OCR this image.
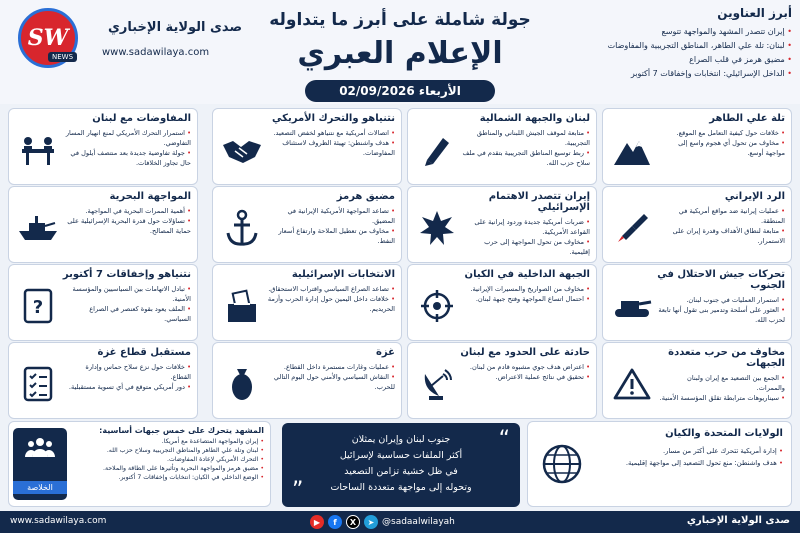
SW
NEWS
صدى الولاية الإخباري
www.sadawilaya.com
جولة شاملة على أبرز ما يتداوله
الإعلام العبري
الأربعاء 02/09/2026
أبرز العناوين
• إيران تتصدر المشهد والمواجهة تتوسع
• لبنان: تلة علي الطاهر، المناطق التجريبية والمفاوضات
• مضيق هرمز في قلب الصراع
• الداخل الإسرائيلي: انتخابات وإخفاقات 7 أكتوبر
تلة علي الطاهر
• خلافات حول كيفية التعامل مع الموقع.
• مخاوف من تحول أي هجوم واسع إلى مواجهة أوسع.
لبنان والجبهة الشمالية
• متابعة لموقف الجيش اللبناني والمناطق التجريبية.
• ربط توسيع المناطق التجريبية بتقدم في ملف سلاح حزب الله.
نتنياهو والتحرك الأمريكي
• اتصالات أمريكية مع نتنياهو لخفض التصعيد.
• هدف واشنطن: تهيئة الظروف لاستئناف المفاوضات.
المفاوضات مع لبنان
• استمرار التحرك الأمريكي لمنع انهيار المسار التفاوضي.
• جولة تفاوضية جديدة بعد منتصف أيلول في حال تجاوز الخلافات.
الرد الإيراني
• عمليات إيرانية ضد مواقع أمريكية في المنطقة.
• متابعة لنطاق الأهداف وقدرة إيران على الاستمرار.
إيران تتصدر الاهتمام الإسرائيلي
• ضربات أمريكية جديدة وردود إيرانية على القواعد الأمريكية.
• مخاوف من تحول المواجهة إلى حرب إقليمية.
مضيق هرمز
• تصاعد المواجهة الأمريكية الإيرانية في المضيق.
• مخاوف من تعطيل الملاحة وارتفاع أسعار النفط.
المواجهة البحرية
• أهمية الممرات البحرية في المواجهة.
• تساؤلات حول قدرة البحرية الإسرائيلية على حماية المصالح.
تحركات جيش الاحتلال في الجنوب
• استمرار العمليات في جنوب لبنان.
• العثور على أسلحة وتدمير بنى تقول أنها تابعة لحزب الله.
الجبهة الداخلية في الكيان
• مخاوف من الصواريخ والمسيرات الإيرانية.
• احتمال اتساع المواجهة وفتح جبهة لبنان.
الانتخابات الإسرائيلية
• تصاعد الصراع السياسي واقتراب الاستحقاق.
• خلافات داخل اليمين حول إدارة الحرب وأزمة الحريديم.
نتنياهو وإخفاقات 7 أكتوبر
• تبادل الاتهامات بين السياسيين والمؤسسة الأمنية.
• الملف يعود بقوة كعنصر في الصراع السياسي.
?
مخاوف من حرب متعددة الجبهات
• الجمع بين التصعيد مع إيران ولبنان والممرات.
• سيناريوهات مترابطة تقلق المؤسسة الأمنية.
حادثة على الحدود مع لبنان
• اعتراض هدف جوي مشبوه قادم من لبنان.
• تحقيق في نتائج عملية الاعتراض.
غزة
• عمليات وغارات مستمرة داخل القطاع.
• النقاش السياسي والأمني حول اليوم التالي للحرب.
مستقبل قطاع غزة
• خلافات حول نزع سلاح حماس وإدارة القطاع.
• دور أمريكي متوقع في أي تسوية مستقبلية.
المشهد يتحرك على خمس جبهات أساسية:
• إيران والمواجهة المتصاعدة مع أمريكا.
• لبنان وتلة علي الطاهر والمناطق التجريبية وسلاح حزب الله.
• التحرك الأمريكي لإعادة المفاوضات.
• مضيق هرمز والمواجهة البحرية وتأثيرها على الطاقة والملاحة.
• الوضع الداخلي في الكيان: انتخابات وإخفاقات 7 أكتوبر.
الخلاصة
“

جنوب لبنان وإيران يمثلان

أكثر الملفات حساسية لإسرائيل

في ظل خشية تزامن التصعيد

وتحوله إلى مواجهة متعددة الساحات

”
الولايات المتحدة والكيان
• إدارة أمريكية تتحرك على أكثر من مسار.
• هدف واشنطن: منع تحول التصعيد إلى مواجهة إقليمية.
صدى الولاية الإخباري
▶	f	X	➤ @sadaalwilayah
www.sadawilaya.com
